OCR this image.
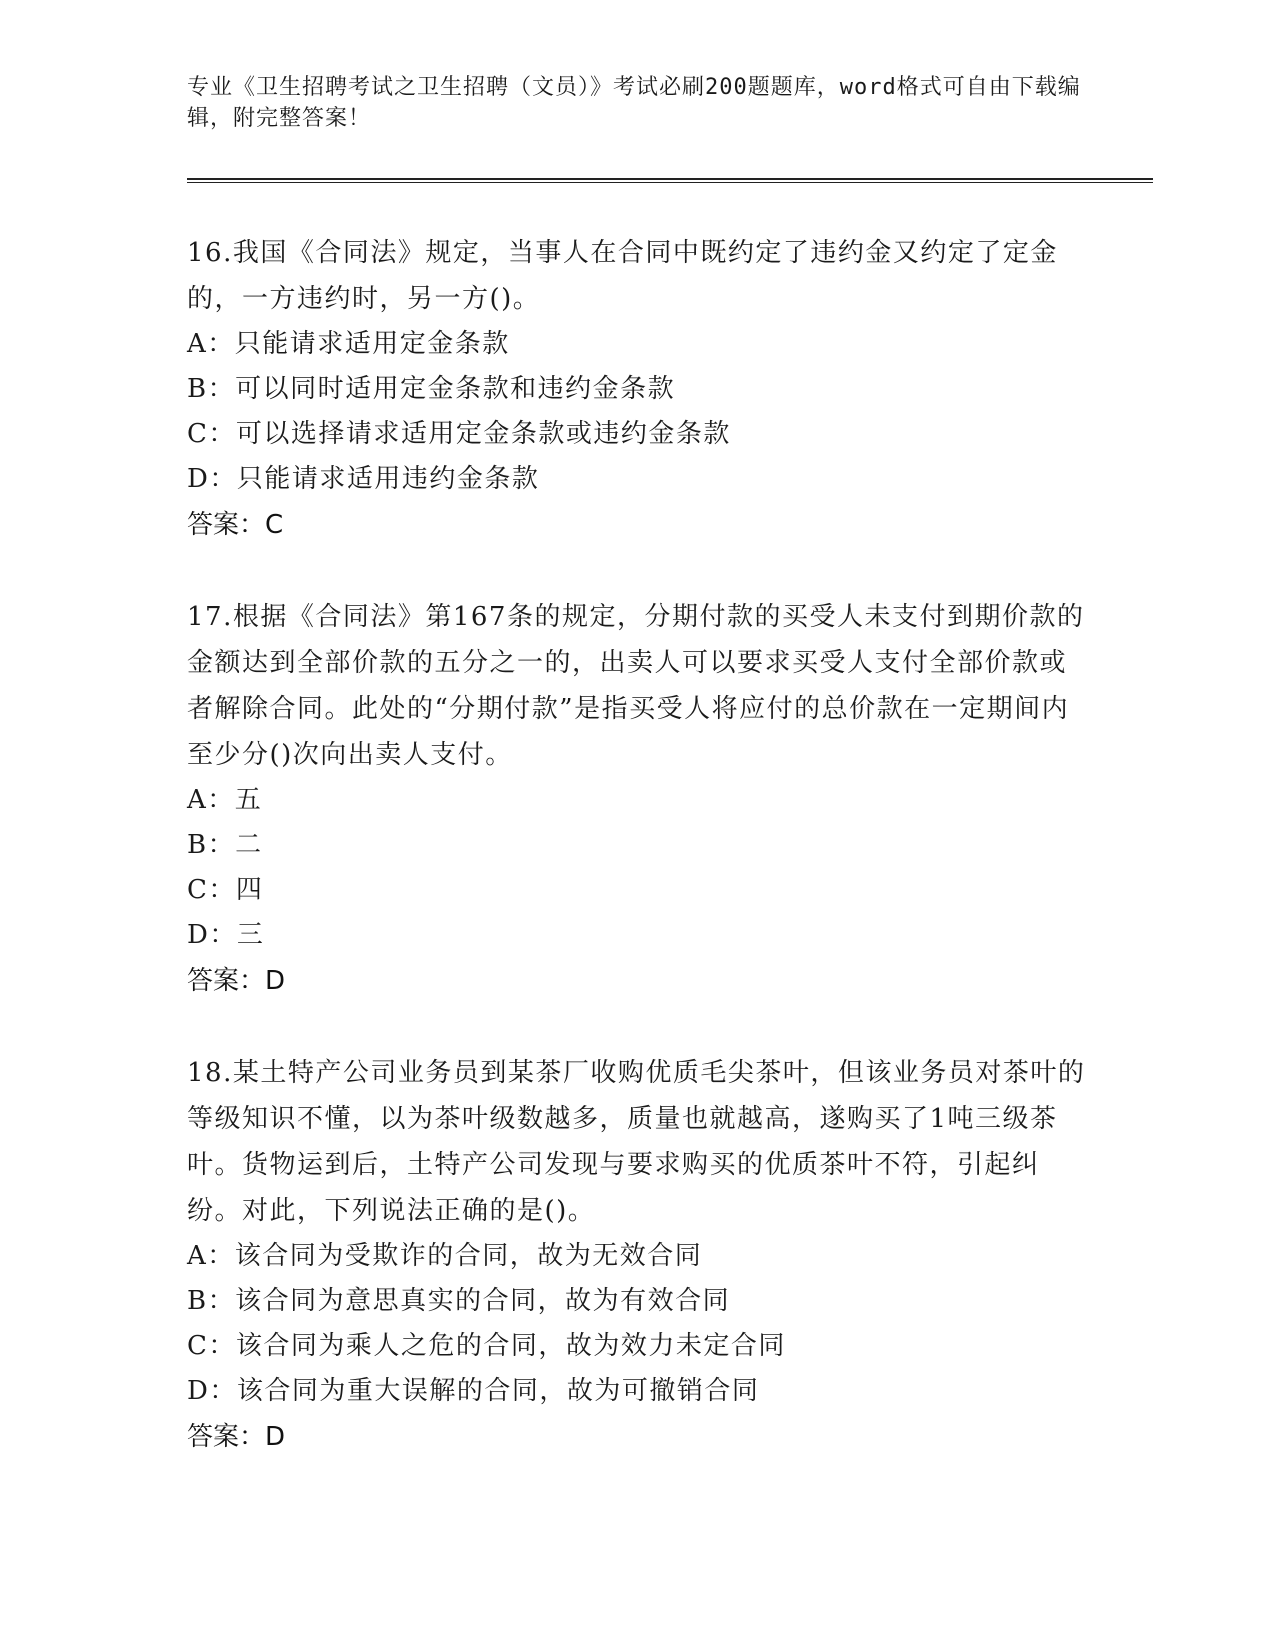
专业《卫生招聘考试之卫生招聘（文员）》考试必刷200题题库，word格式可自由下载编辑，附完整答案！

16.我国《合同法》规定，当事人在合同中既约定了违约金又约定了定金的，一方违约时，另一方()。

A：只能请求适用定金条款

B：可以同时适用定金条款和违约金条款

C：可以选择请求适用定金条款或违约金条款

D：只能请求适用违约金条款

答案：C

17.根据《合同法》第167条的规定，分期付款的买受人未支付到期价款的金额达到全部价款的五分之一的，出卖人可以要求买受人支付全部价款或者解除合同。此处的“分期付款”是指买受人将应付的总价款在一定期间内至少分()次向出卖人支付。

A：五

B：二

C：四

D：三

答案：D

18.某土特产公司业务员到某茶厂收购优质毛尖茶叶，但该业务员对茶叶的等级知识不懂，以为茶叶级数越多，质量也就越高，遂购买了1吨三级茶叶。货物运到后，土特产公司发现与要求购买的优质茶叶不符，引起纠纷。对此，下列说法正确的是()。

A：该合同为受欺诈的合同，故为无效合同

B：该合同为意思真实的合同，故为有效合同

C：该合同为乘人之危的合同，故为效力未定合同

D：该合同为重大误解的合同，故为可撤销合同

答案：D
